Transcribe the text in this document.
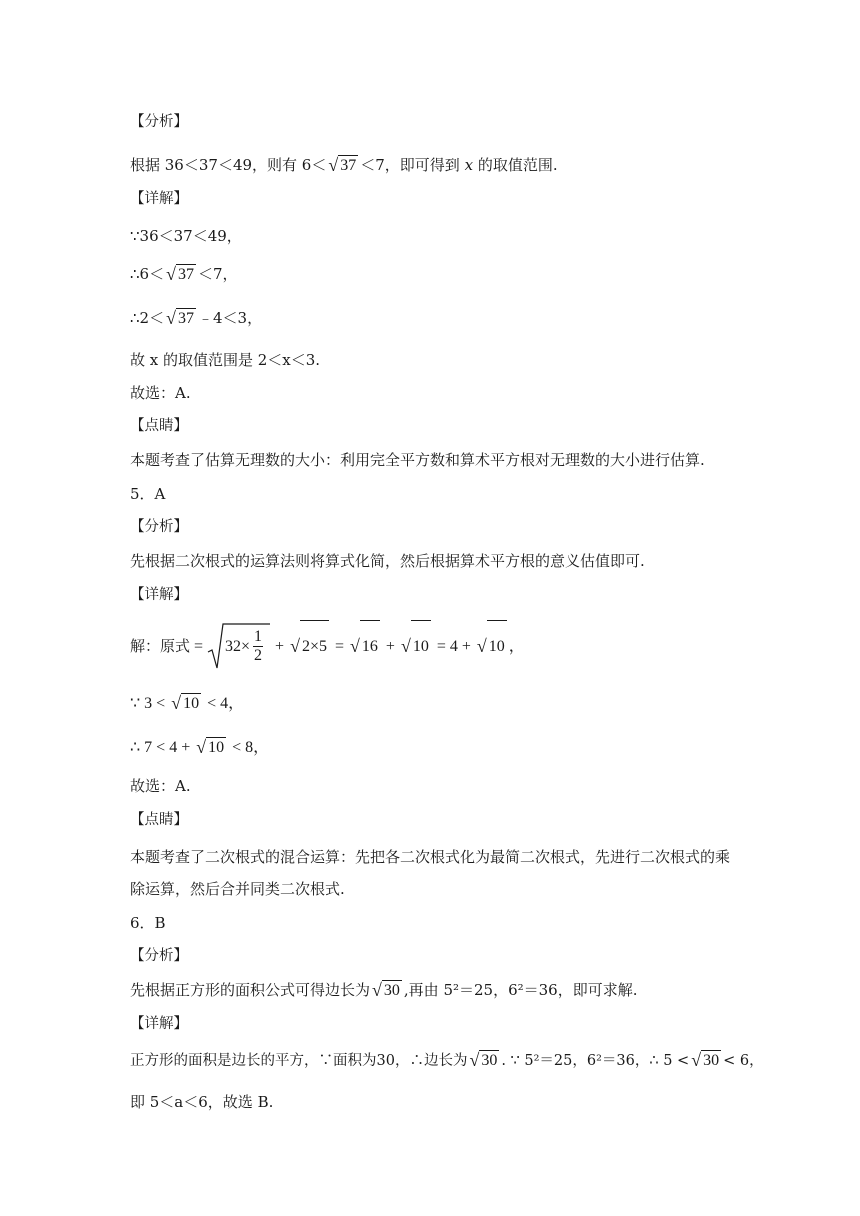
【分析】
根据 36＜37＜49，则有 6＜ √ 37 ＜7，即可得到 x 的取值范围.
【详解】
∵36＜37＜49，
∴6＜ √ 37 ＜7，
∴2＜ √ 37 ﹣4＜3，
故 x 的取值范围是 2＜x＜3.
故选：A.
【点睛】
本题考查了估算无理数的大小：利用完全平方数和算术平方根对无理数的大小进行估算.
5．A
【分析】
先根据二次根式的运算法则将算式化简，然后根据算术平方根的意义估值即可.
【详解】
解：原式 = $32\times \frac{1}{2}$ + √ 2×5 = √ 16 + √ 10 = 4 + √ 10 ，
∵ 3 < √ 10 < 4，
∴ 7 < 4 + √ 10 < 8，
故选：A.
【点睛】
本题考查了二次根式的混合运算：先把各二次根式化为最简二次根式，先进行二次根式的乘
除运算，然后合并同类二次根式.
6．B
【分析】
先根据正方形的面积公式可得边长为 √ 30 ,再由 5²＝25，6²＝36，即可求解.
【详解】
正方形的面积是边长的平方，∵面积为30，∴边长为 √ 30 . ∵ 5²＝25，6²＝36，∴ 5 < √ 30 < 6，
即 5＜a＜6，故选 B.
